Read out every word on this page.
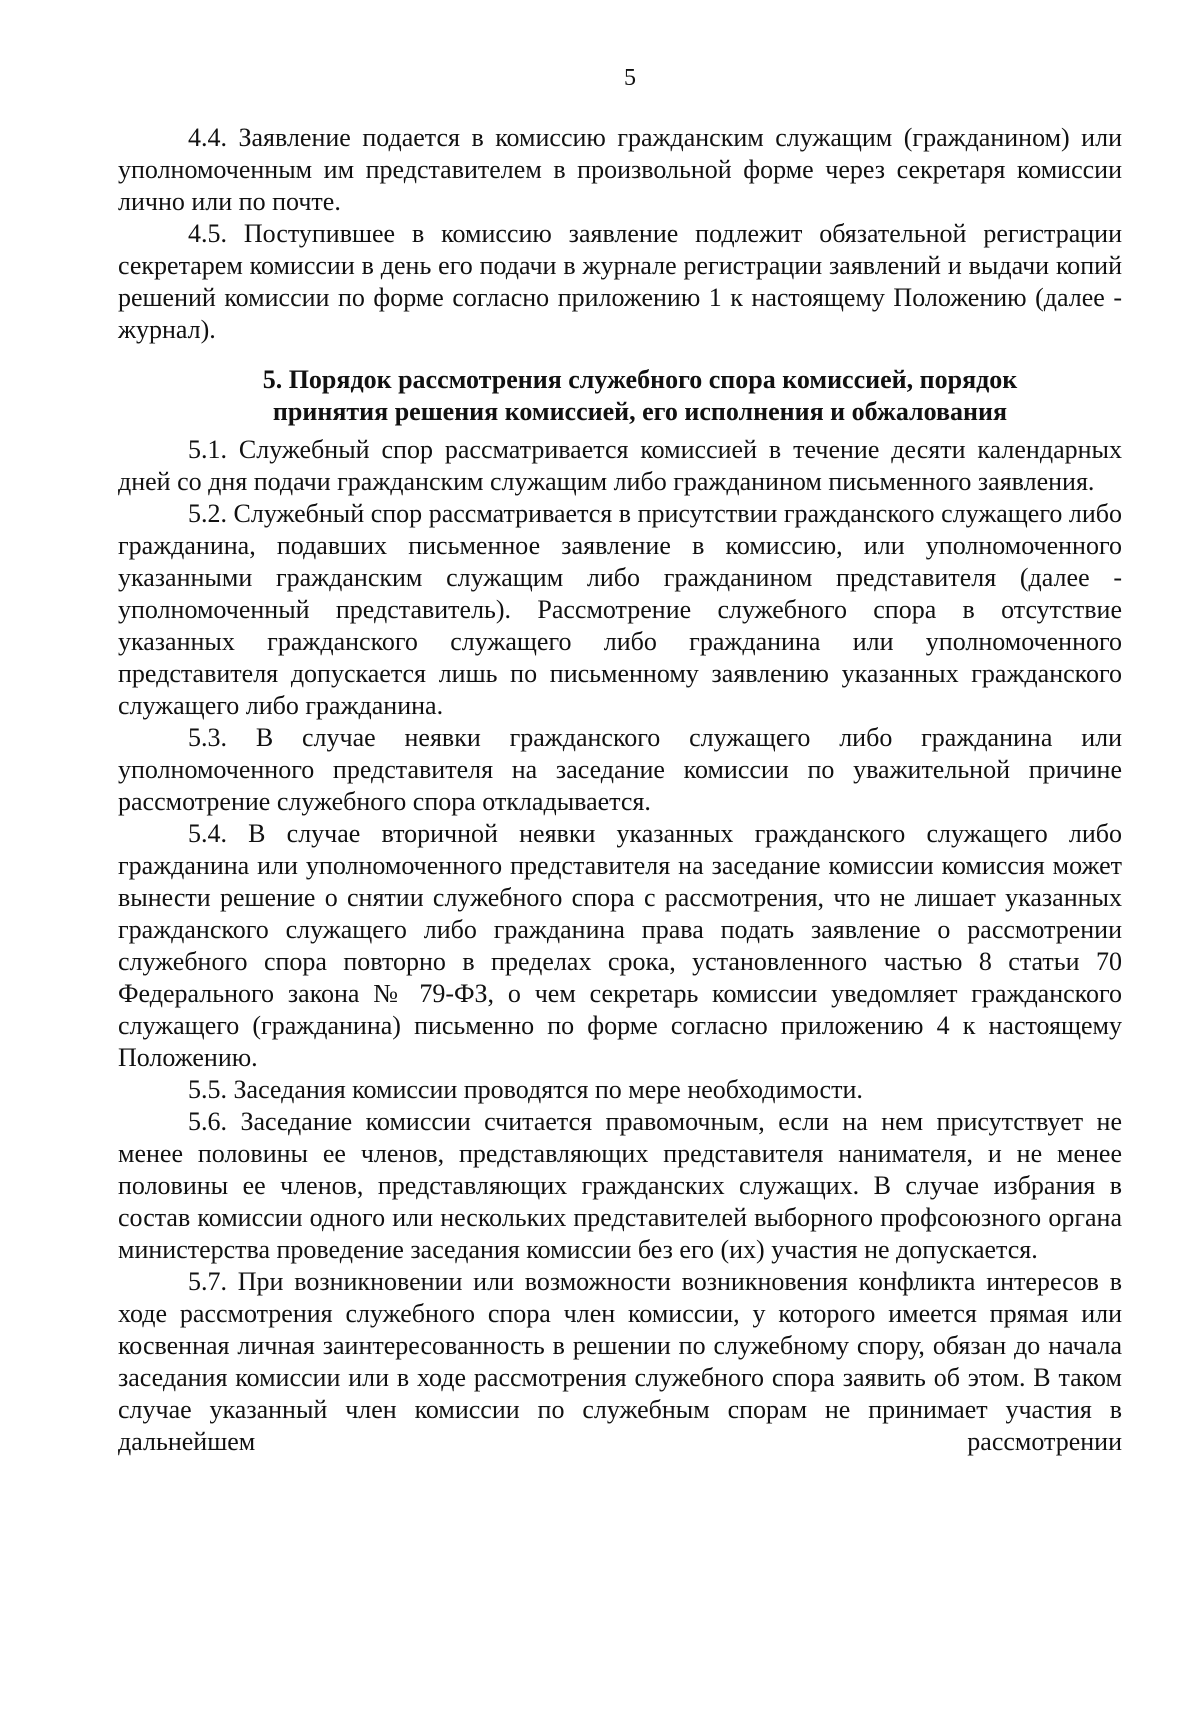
5

4.4. Заявление подается в комиссию гражданским служащим (гражданином) или уполномоченным им представителем в произвольной форме через секретаря комиссии лично или по почте.

4.5. Поступившее в комиссию заявление подлежит обязательной регистрации секретарем комиссии в день его подачи в журнале регистрации заявлений и выдачи копий решений комиссии по форме согласно приложению 1 к настоящему Положению (далее - журнал).

5. Порядок рассмотрения служебного спора комиссией, порядок
принятия решения комиссией, его исполнения и обжалования

5.1. Служебный спор рассматривается комиссией в течение десяти календарных дней со дня подачи гражданским служащим либо гражданином письменного заявления.

5.2. Служебный спор рассматривается в присутствии гражданского служащего либо гражданина, подавших письменное заявление в комиссию, или уполномоченного указанными гражданским служащим либо гражданином представителя (далее - уполномоченный представитель). Рассмотрение служебного спора в отсутствие указанных гражданского служащего либо гражданина или уполномоченного представителя допускается лишь по письменному заявлению указанных гражданского служащего либо гражданина.

5.3. В случае неявки гражданского служащего либо гражданина или уполномоченного представителя на заседание комиссии по уважительной причине рассмотрение служебного спора откладывается.

5.4. В случае вторичной неявки указанных гражданского служащего либо гражданина или уполномоченного представителя на заседание комиссии комиссия может вынести решение о снятии служебного спора с рассмотрения, что не лишает указанных гражданского служащего либо гражданина права подать заявление о рассмотрении служебного спора повторно в пределах срока, установленного частью 8 статьи 70 Федерального закона № 79-ФЗ, о чем секретарь комиссии уведомляет гражданского служащего (гражданина) письменно по форме согласно приложению 4 к настоящему Положению.

5.5. Заседания комиссии проводятся по мере необходимости.

5.6. Заседание комиссии считается правомочным, если на нем присутствует не менее половины ее членов, представляющих представителя нанимателя, и не менее половины ее членов, представляющих гражданских служащих. В случае избрания в состав комиссии одного или нескольких представителей выборного профсоюзного органа министерства проведение заседания комиссии без его (их) участия не допускается.

5.7. При возникновении или возможности возникновения конфликта интересов в ходе рассмотрения служебного спора член комиссии, у которого имеется прямая или косвенная личная заинтересованность в решении по служебному спору, обязан до начала заседания комиссии или в ходе рассмотрения служебного спора заявить об этом. В таком случае указанный член комиссии по служебным спорам не принимает участия в дальнейшем рассмотрении
